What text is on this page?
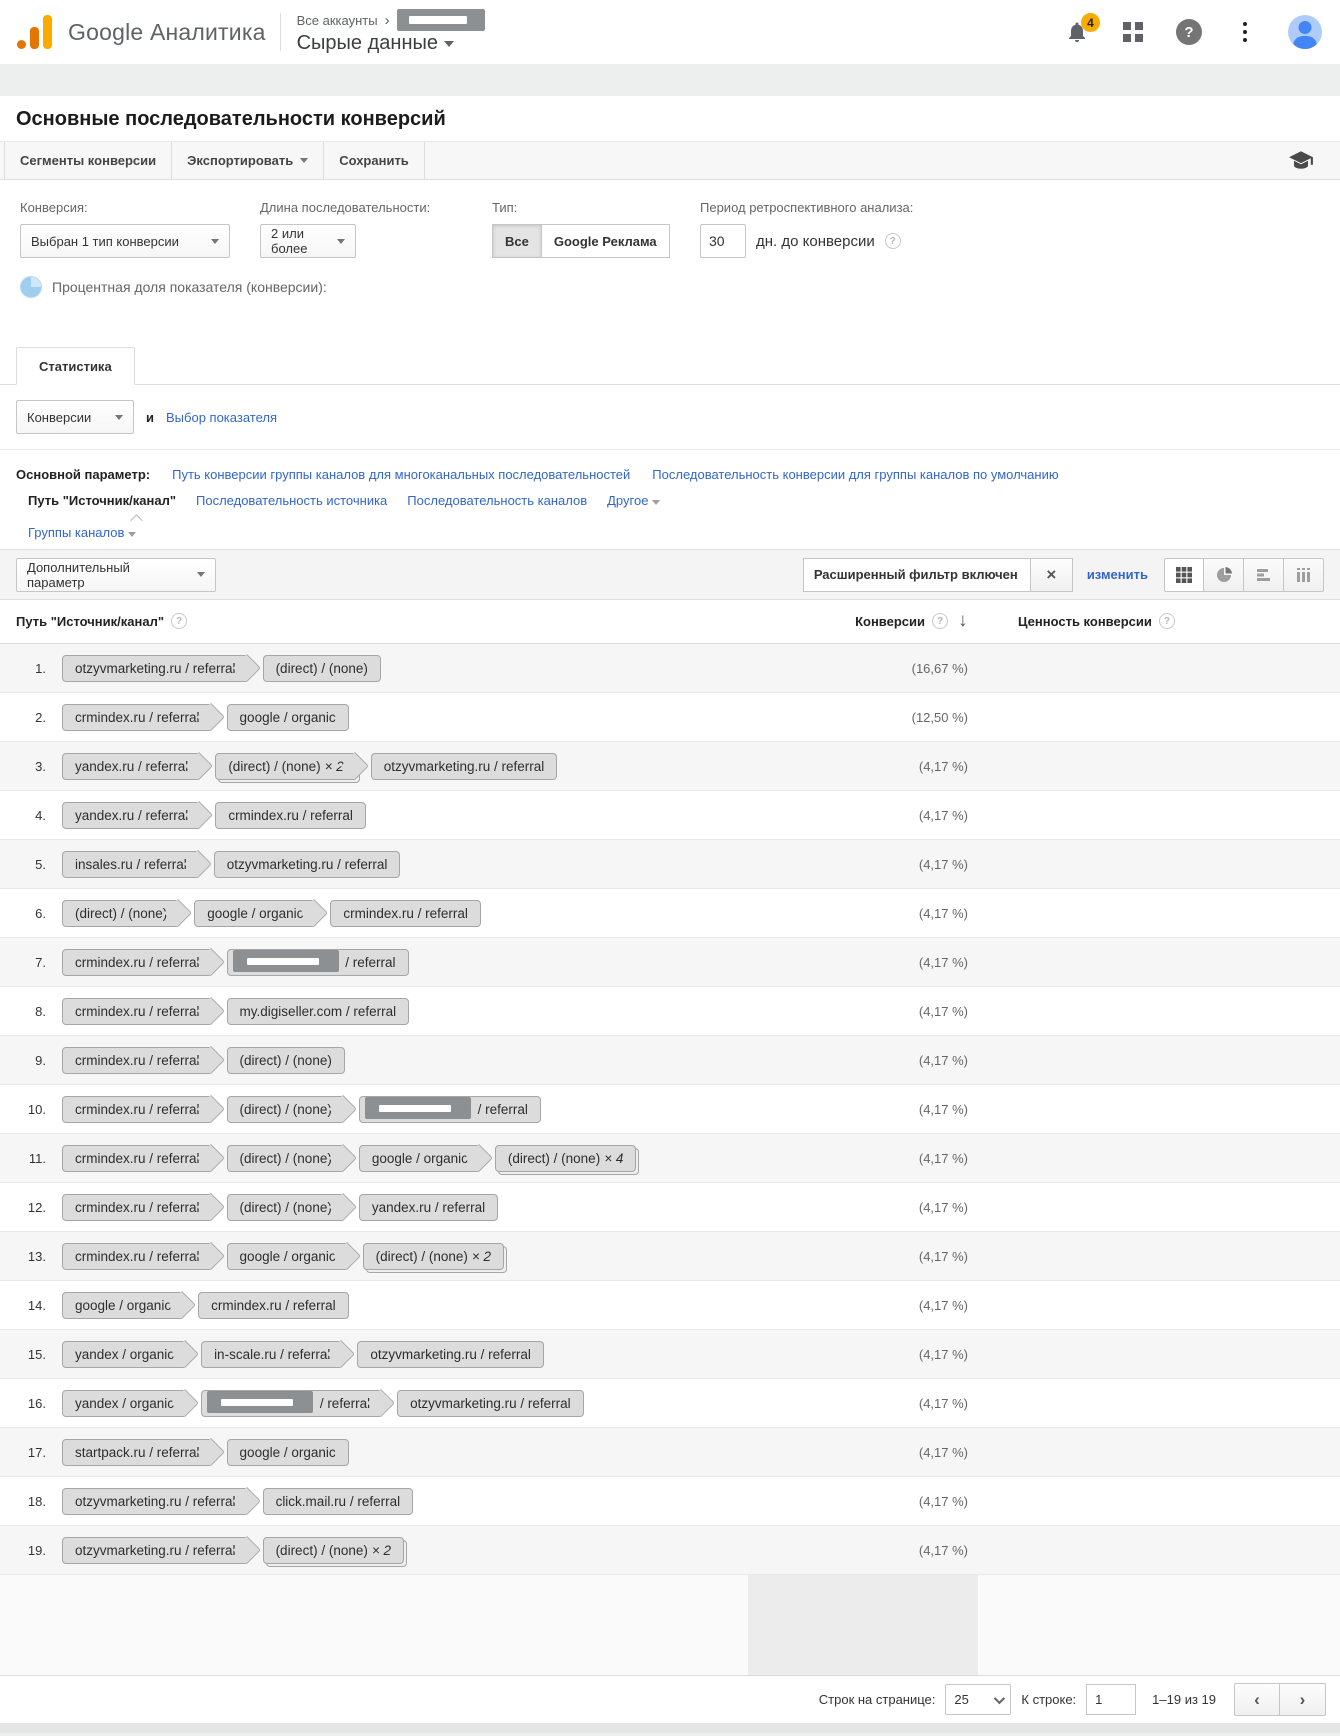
Google Аналитика Все аккаунты ›
Сырые данные
4
?
Основные последовательности конверсий
Сегменты конверсии Экспортировать	Сохранить
Конверсия:
Выбран 1 тип конверсии
Длина последовательности:
2 или более
Тип:
Все	Google Реклама
Период ретроспективного анализа:
30
дн. до конверсии	?
Процентная доля показателя (конверсии):
Статистика
Конверсии	и Выбор показателя
Основной параметр: Путь конверсии группы каналов для многоканальных последовательностей Последовательность конверсии для группы каналов по умолчанию
Путь "Источник/канал" Последовательность источника Последовательность каналов Другое
Группы каналов
Дополнительный параметр	Расширенный фильтр включен	× изменить
Путь "Источник/канал"	?	Конверсии	? ↓	Ценность конверсии	?
1.	otzyvmarketing.ru / referral	(direct) / (none)	(16,67 %)
2.	crmindex.ru / referral	google / organic	(12,50 %)
3.	yandex.ru / referral	(direct) / (none) × 2	otzyvmarketing.ru / referral	(4,17 %)
4.	yandex.ru / referral	crmindex.ru / referral	(4,17 %)
5.	insales.ru / referral	otzyvmarketing.ru / referral	(4,17 %)
6.	(direct) / (none)	google / organic	crmindex.ru / referral	(4,17 %)
7.	crmindex.ru / referral	/ referral	(4,17 %)
8.	crmindex.ru / referral	my.digiseller.com / referral	(4,17 %)
9.	crmindex.ru / referral	(direct) / (none)	(4,17 %)
10.	crmindex.ru / referral	(direct) / (none)	/ referral	(4,17 %)
11.	crmindex.ru / referral	(direct) / (none)	google / organic	(direct) / (none) × 4	(4,17 %)
12.	crmindex.ru / referral	(direct) / (none)	yandex.ru / referral	(4,17 %)
13.	crmindex.ru / referral	google / organic	(direct) / (none) × 2	(4,17 %)
14.	google / organic	crmindex.ru / referral	(4,17 %)
15.	yandex / organic	in-scale.ru / referral	otzyvmarketing.ru / referral	(4,17 %)
16.	yandex / organic	/ referral	otzyvmarketing.ru / referral	(4,17 %)
17.	startpack.ru / referral	google / organic	(4,17 %)
18.	otzyvmarketing.ru / referral	click.mail.ru / referral	(4,17 %)
19.	otzyvmarketing.ru / referral	(direct) / (none) × 2	(4,17 %)
Строк на странице: 25	К строке:
1	1–19 из 19 ‹ ›
